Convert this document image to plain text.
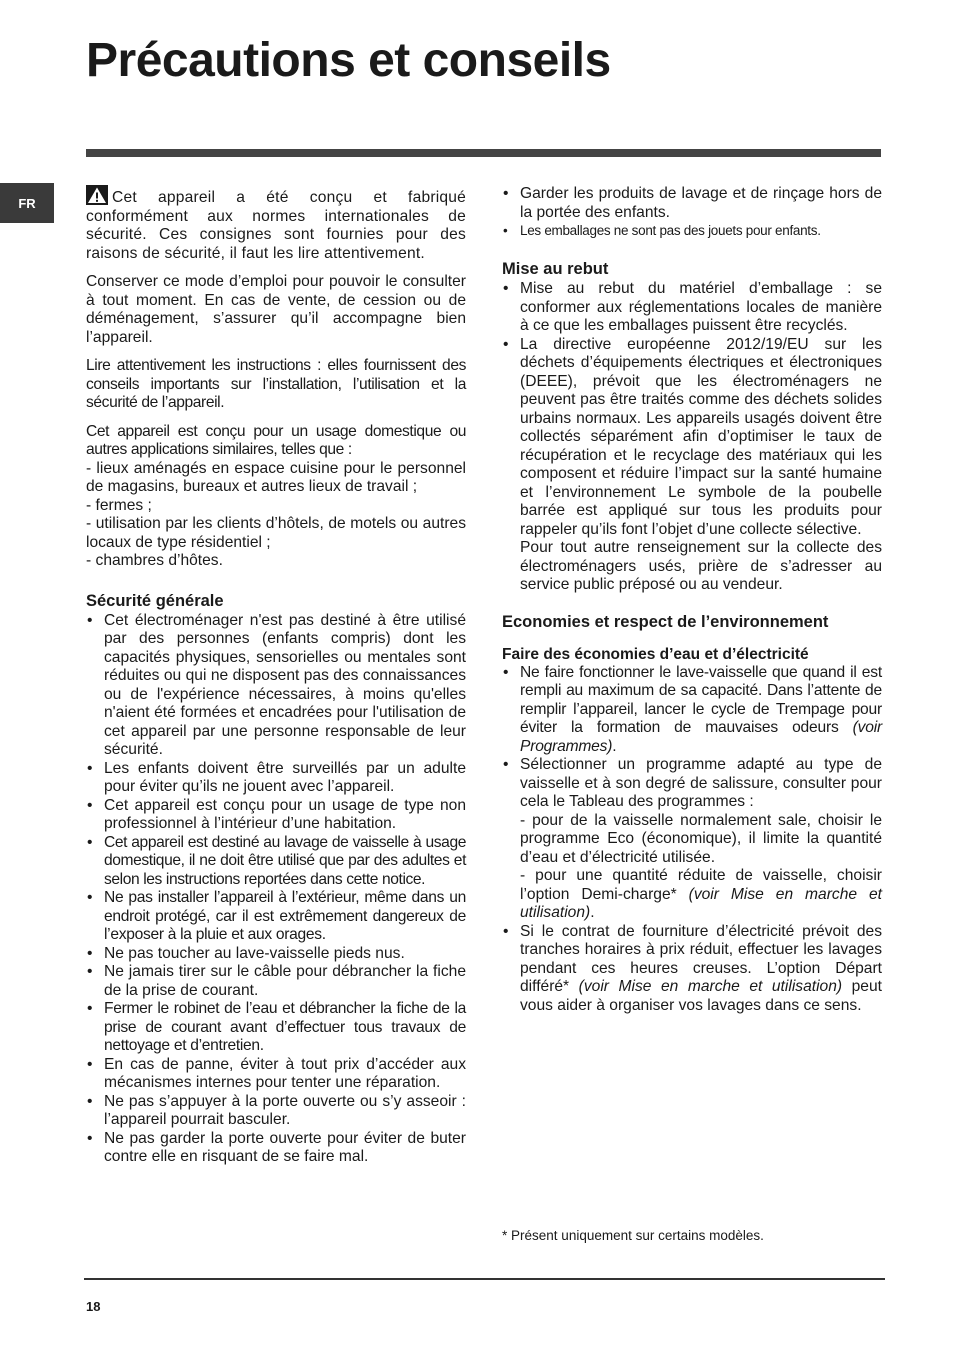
Précautions et conseils
FR	Cet appareil a été conçu et fabriqué conformément aux normes internationales de sécurité. Ces consignes sont fournies pour des raisons de sécurité, il faut les lire attentivement.

Conserver ce mode d’emploi pour pouvoir le consulter à tout moment. En cas de vente, de cession ou de déménagement, s’assurer qu’il accompagne bien l’appareil.

Lire attentivement les instructions : elles fournissent des conseils importants sur l’installation, l’utilisation et la sécurité de l’appareil.

Cet appareil est conçu pour un usage domestique ou autres applications similaires, telles que :

- lieux aménagés en espace cuisine pour le personnel de magasins, bureaux et autres lieux de travail ;
- fermes ;
- utilisation par les clients d’hôtels, de motels ou autres locaux de type résidentiel ;
- chambres d’hôtes.
Sécurité générale
• Cet électroménager n'est pas destiné à être utilisé par des personnes (enfants compris) dont les capacités physiques, sensorielles ou mentales sont réduites ou qui ne disposent pas des connaissances ou de l'expérience nécessaires, à moins qu'elles n'aient été formées et encadrées pour l'utilisation de cet appareil par une personne responsable de leur sécurité.
• Les enfants doivent être surveillés par un adulte pour éviter qu’ils ne jouent avec l’appareil.
• Cet appareil est conçu pour un usage de type non professionnel à l’intérieur d’une habitation.
• Cet appareil est destiné au lavage de vaisselle à usage domestique, il ne doit être utilisé que par des adultes et selon les instructions reportées dans cette notice.
• Ne pas installer l’appareil à l’extérieur, même dans un endroit protégé, car il est extrêmement dangereux de l’exposer à la pluie et aux orages.
• Ne pas toucher au lave-vaisselle pieds nus.
• Ne jamais tirer sur le câble pour débrancher la fiche de la prise de courant.
• Fermer le robinet de l’eau et débrancher la fiche de la prise de courant avant d’effectuer tous travaux de nettoyage et d’entretien.
• En cas de panne, éviter à tout prix d’accéder aux mécanismes internes pour tenter une réparation.
• Ne pas s’appuyer à la porte ouverte ou s’y asseoir : l’appareil pourrait basculer.
• Ne pas garder la porte ouverte pour éviter de buter contre elle en risquant de se faire mal.
• Garder les produits de lavage et de rinçage hors de la portée des enfants.
• Les emballages ne sont pas des jouets pour enfants.
Mise au rebut
• Mise au rebut du matériel d’emballage : se conformer aux réglementations locales de manière à ce que les emballages puissent être recyclés.
• La directive européenne 2012/19/EU sur les déchets d’équipements électriques et électroniques (DEEE), prévoit que les électroménagers ne peuvent pas être traités comme des déchets solides urbains normaux. Les appareils usagés doivent être collectés séparément afin d’optimiser le taux de récupération et le recyclage des matériaux qui les composent et réduire l’impact sur la santé humaine et l’environnement Le symbole de la poubelle barrée est appliqué sur tous les produits pour rappeler qu’ils font l’objet d’une collecte sélective.

Pour tout autre renseignement sur la collecte des électroménagers usés, prière de s’adresser au service public préposé ou au vendeur.

Economies et respect de l’environnement
Faire des économies d’eau et d’électricité
• Ne faire fonctionner le lave-vaisselle que quand il est rempli au maximum de sa capacité. Dans l’attente de remplir l’appareil, lancer le cycle de Trempage pour éviter la formation de mauvaises odeurs (voir Programmes).
• Sélectionner un programme adapté au type de vaisselle et à son degré de salissure, consulter pour cela le Tableau des programmes :
- pour de la vaisselle normalement sale, choisir le programme Eco (économique), il limite la quantité d’eau et d’électricité utilisée.
- pour une quantité réduite de vaisselle, choisir l’option Demi-charge* (voir Mise en marche et utilisation).
• Si le contrat de fourniture d’électricité prévoit des tranches horaires à prix réduit, effectuer les lavages pendant ces heures creuses. L’option Départ différé* (voir Mise en marche et utilisation) peut vous aider à organiser vos lavages dans ce sens.
* Présent uniquement sur certains modèles.
18
